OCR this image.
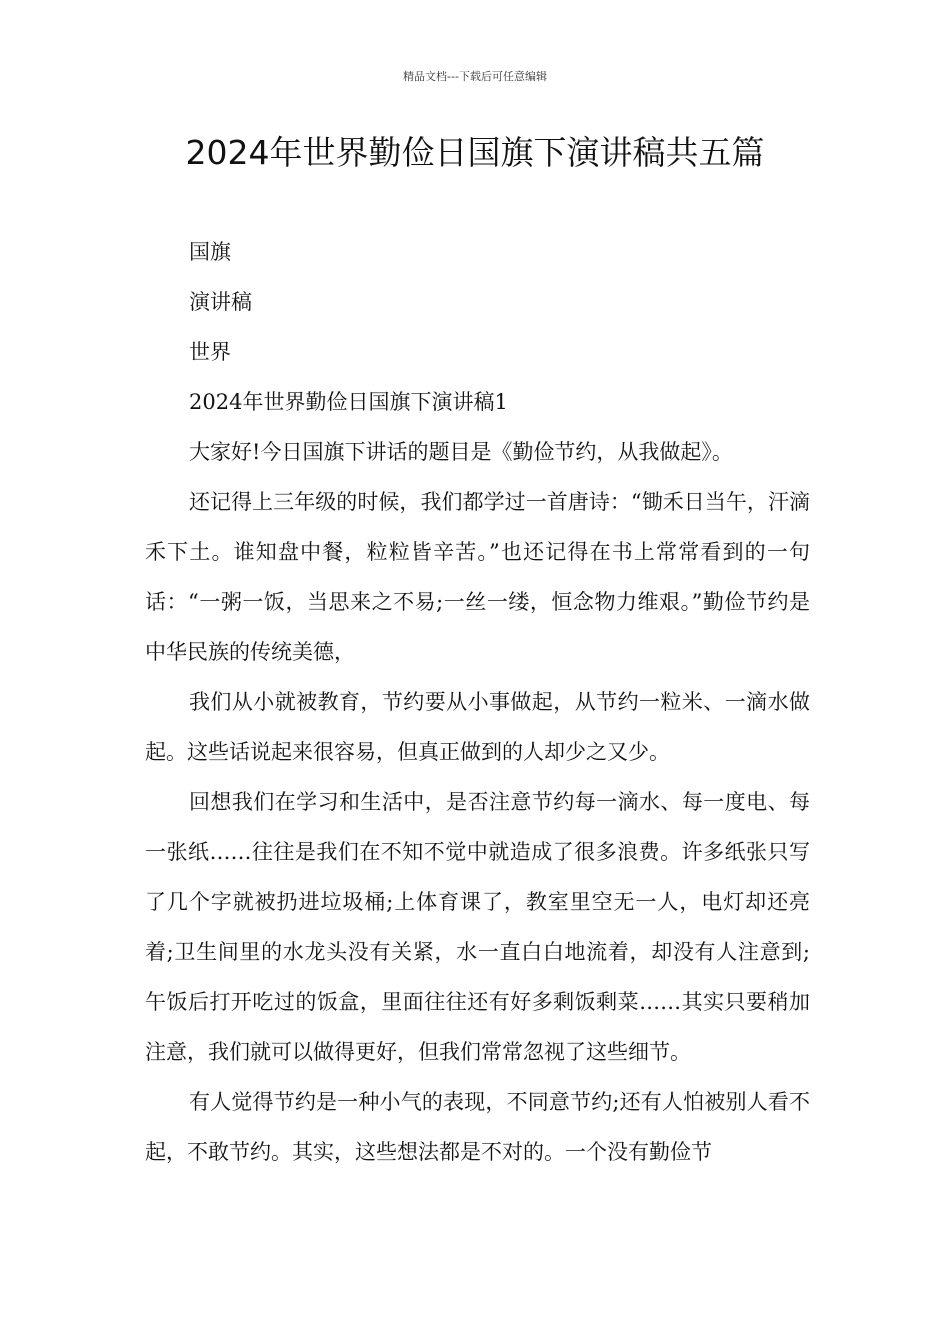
精品文档---下载后可任意编辑
2024年世界勤俭日国旗下演讲稿共五篇

国旗

演讲稿

世界

2024年世界勤俭日国旗下演讲稿1

大家好!今日国旗下讲话的题目是《勤俭节约，从我做起》。

还记得上三年级的时候，我们都学过一首唐诗：“锄禾日当午，汗滴禾下土。谁知盘中餐，粒粒皆辛苦。”也还记得在书上常常看到的一句话：“一粥一饭，当思来之不易;一丝一缕，恒念物力维艰。”勤俭节约是中华民族的传统美德，

我们从小就被教育，节约要从小事做起，从节约一粒米、一滴水做起。这些话说起来很容易，但真正做到的人却少之又少。

回想我们在学习和生活中，是否注意节约每一滴水、每一度电、每一张纸……往往是我们在不知不觉中就造成了很多浪费。许多纸张只写了几个字就被扔进垃圾桶;上体育课了，教室里空无一人，电灯却还亮着;卫生间里的水龙头没有关紧，水一直白白地流着，却没有人注意到;午饭后打开吃过的饭盒，里面往往还有好多剩饭剩菜……其实只要稍加注意，我们就可以做得更好，但我们常常忽视了这些细节。

有人觉得节约是一种小气的表现，不同意节约;还有人怕被别人看不起，不敢节约。其实，这些想法都是不对的。一个没有勤俭节
